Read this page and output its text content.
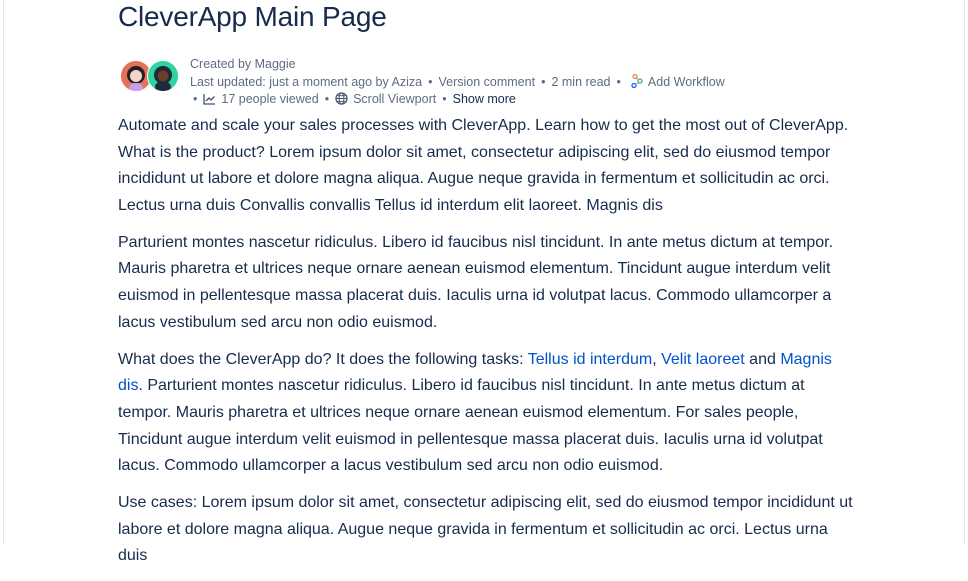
CleverApp Main Page
Created by Maggie
Last updated: just a moment ago by Aziza • Version comment • 2 min read • Add Workflow
• 17 people viewed • Scroll Viewport • Show more

Automate and scale your sales processes with CleverApp. Learn how to get the most out of CleverApp. What is the product? Lorem ipsum dolor sit amet, consectetur adipiscing elit, sed do eiusmod tempor incididunt ut labore et dolore magna aliqua. Augue neque gravida in fermentum et sollicitudin ac orci. Lectus urna duis Convallis convallis Tellus id interdum elit laoreet. Magnis dis

Parturient montes nascetur ridiculus. Libero id faucibus nisl tincidunt. In ante metus dictum at tempor. Mauris pharetra et ultrices neque ornare aenean euismod elementum. Tincidunt augue interdum velit euismod in pellentesque massa placerat duis. Iaculis urna id volutpat lacus. Commodo ullamcorper a lacus vestibulum sed arcu non odio euismod.

What does the CleverApp do? It does the following tasks: Tellus id interdum, Velit laoreet and Magnis dis. Parturient montes nascetur ridiculus. Libero id faucibus nisl tincidunt. In ante metus dictum at tempor. Mauris pharetra et ultrices neque ornare aenean euismod elementum. For sales people, Tincidunt augue interdum velit euismod in pellentesque massa placerat duis. Iaculis urna id volutpat lacus. Commodo ullamcorper a lacus vestibulum sed arcu non odio euismod.

Use cases: Lorem ipsum dolor sit amet, consectetur adipiscing elit, sed do eiusmod tempor incididunt ut labore et dolore magna aliqua. Augue neque gravida in fermentum et sollicitudin ac orci. Lectus urna duis
